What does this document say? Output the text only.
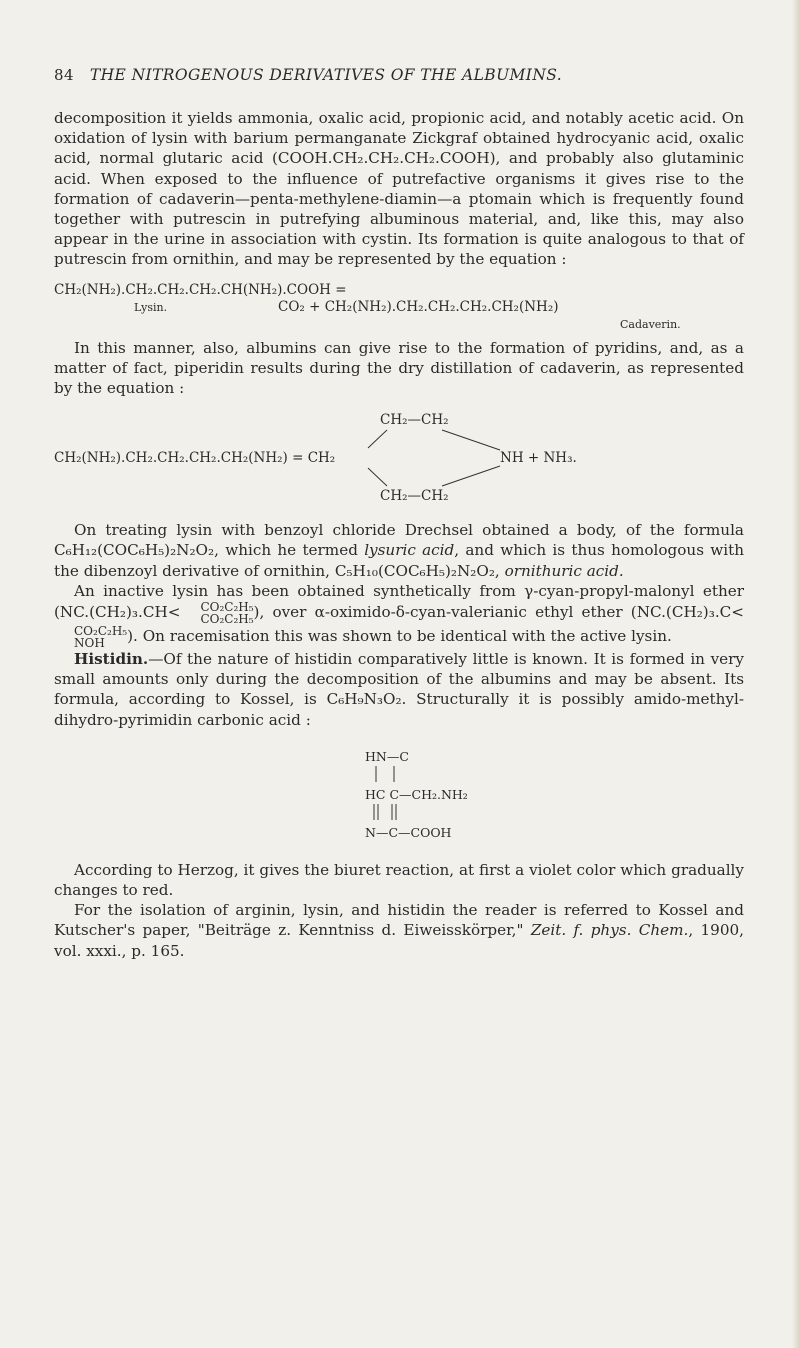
84 THE NITROGENOUS DERIVATIVES OF THE ALBUMINS.

decomposition it yields ammonia, oxalic acid, propionic acid, and notably acetic acid. On oxidation of lysin with barium permanganate Zickgraf obtained hydrocyanic acid, oxalic acid, normal glutaric acid (COOH.CH₂.CH₂.CH₂.COOH), and probably also glutaminic acid. When exposed to the influence of putrefactive organisms it gives rise to the formation of cadaverin—penta-methylene-diamin—a ptomain which is frequently found together with putrescin in putrefying albuminous material, and, like this, may also appear in the urine in association with cystin. Its formation is quite analogous to that of putrescin from ornithin, and may be represented by the equation :

CH₂(NH₂).CH₂.CH₂.CH₂.CH(NH₂).COOH =
Lysin.	CO₂ + CH₂(NH₂).CH₂.CH₂.CH₂.CH₂(NH₂)
Cadaverin.

In this manner, also, albumins can give rise to the formation of pyridins, and, as a matter of fact, piperidin results during the dry distillation of cadaverin, as represented by the equation :

CH₂—CH₂
CH₂(NH₂).CH₂.CH₂.CH₂.CH₂(NH₂) = CH₂	NH + NH₃.
CH₂—CH₂

On treating lysin with benzoyl chloride Drechsel obtained a body, of the formula C₆H₁₂(COC₆H₅)₂N₂O₂, which he termed lysuric acid, and which is thus homologous with the dibenzoyl derivative of ornithin, C₅H₁₀(COC₆H₅)₂N₂O₂, ornithuric acid.

An inactive lysin has been obtained synthetically from γ-cyan-propyl-malonyl ether (NC.(CH₂)₃.CH<	CO₂C₂H₅
CO₂C₂H₅ ), over α-oximido-δ-cyan-valerianic ethyl ether (NC.(CH₂)₃.C<
CO₂C₂H₅
NOH	). On racemisation this was shown to be identical with the active lysin.

Histidin.—Of the nature of histidin comparatively little is known. It is formed in very small amounts only during the decomposition of the albumins and may be absent. Its formula, according to Kossel, is C₆H₉N₃O₂. Structurally it is possibly amido-methyl-dihydro-pyrimidin carbonic acid :

HN—C
HC C—CH₂.NH₂
N—C—COOH

According to Herzog, it gives the biuret reaction, at first a violet color which gradually changes to red.

For the isolation of arginin, lysin, and histidin the reader is referred to Kossel and Kutscher's paper, "Beiträge z. Kenntniss d. Eiweisskörper," Zeit. f. phys. Chem., 1900, vol. xxxi., p. 165.
